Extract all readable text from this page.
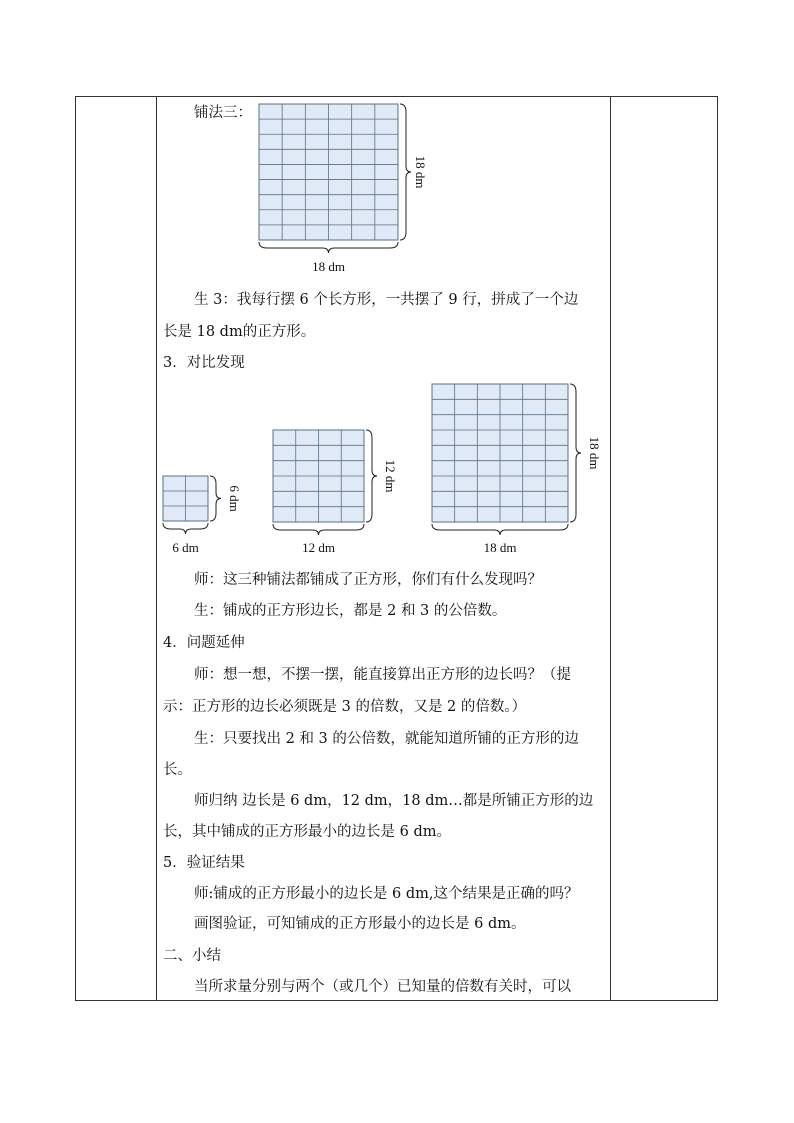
铺法三：
生 3：我每行摆 6 个长方形，一共摆了 9 行，拼成了一个边
长是 18 dm的正方形。
3．对比发现
师：这三种铺法都铺成了正方形，你们有什么发现吗？
生：铺成的正方形边长，都是 2 和 3 的公倍数。
4．问题延伸
师：想一想，不摆一摆，能直接算出正方形的边长吗？（提
示：正方形的边长必须既是 3 的倍数，又是 2 的倍数。）
生：只要找出 2 和 3 的公倍数，就能知道所铺的正方形的边
长。
师归纳 边长是 6 dm，12 dm，18 dm…都是所铺正方形的边
长，其中铺成的正方形最小的边长是 6 dm。
5．验证结果
师:铺成的正方形最小的边长是 6 dm,这个结果是正确的吗？
画图验证，可知铺成的正方形最小的边长是 6 dm。
二、小结
当所求量分别与两个（或几个）已知量的倍数有关时，可以
18 dm
18 dm
6 dm
6 dm
12 dm
12 dm
18 dm
18 dm
